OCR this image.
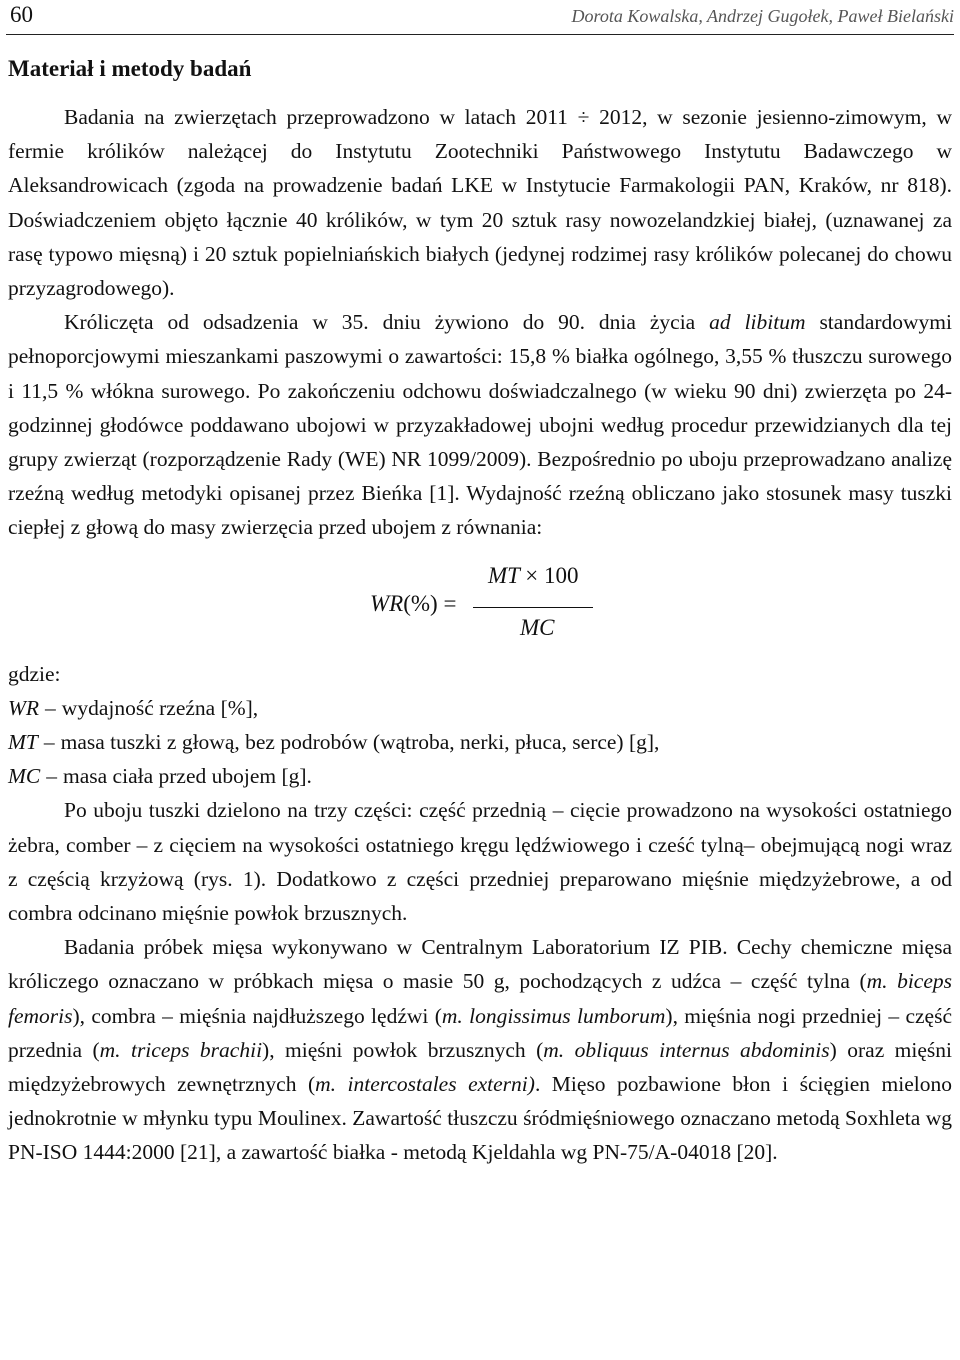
60	Dorota Kowalska, Andrzej Gugołek, Paweł Bielański
Materiał i metody badań

Badania na zwierzętach przeprowadzono w latach 2011 ÷ 2012, w sezonie jesienno-zimowym, w fermie królików należącej do Instytutu Zootechniki Państwowego Instytutu Badawczego w Aleksandrowicach (zgoda na prowadzenie badań LKE w Instytucie Farmakologii PAN, Kraków, nr 818). Doświadczeniem objęto łącznie 40 królików, w tym 20 sztuk rasy nowozelandzkiej białej, (uznawanej za rasę typowo mięsną) i 20 sztuk popielniańskich białych (jedynej rodzimej rasy królików polecanej do chowu przyzagrodowego).

Króliczęta od odsadzenia w 35. dniu żywiono do 90. dnia życia ad libitum standardowymi pełnoporcjowymi mieszankami paszowymi o zawartości: 15,8 % białka ogólnego, 3,55 % tłuszczu surowego i 11,5 % włókna surowego. Po zakończeniu odchowu doświadczalnego (w wieku 90 dni) zwierzęta po 24-godzinnej głodówce poddawano ubojowi w przyzakładowej ubojni według procedur przewidzianych dla tej grupy zwierząt (rozporządzenie Rady (WE) NR 1099/2009). Bezpośrednio po uboju przeprowadzano analizę rzeźną według metodyki opisanej przez Bieńka [1]. Wydajność rzeźną obliczano jako stosunek masy tuszki ciepłej z głową do masy zwierzęcia przed ubojem z równania:

WR(%) =
MT × 100
MC

gdzie:

WR – wydajność rzeźna [%],

MT – masa tuszki z głową, bez podrobów (wątroba, nerki, płuca, serce) [g],

MC – masa ciała przed ubojem [g].

Po uboju tuszki dzielono na trzy części: część przednią – cięcie prowadzono na wysokości ostatniego żebra, comber – z cięciem na wysokości ostatniego kręgu lędźwiowego i cześć tylną– obejmującą nogi wraz z częścią krzyżową (rys. 1). Dodatkowo z części przedniej preparowano mięśnie międzyżebrowe, a od combra odcinano mięśnie powłok brzusznych.

Badania próbek mięsa wykonywano w Centralnym Laboratorium IZ PIB. Cechy chemiczne mięsa króliczego oznaczano w próbkach mięsa o masie 50 g, pochodzących z udźca – część tylna (m. biceps femoris), combra – mięśnia najdłuższego lędźwi (m. longissimus lumborum), mięśnia nogi przedniej – część przednia (m. triceps brachii), mięśni powłok brzusznych (m. obliquus internus abdominis) oraz mięśni międzyżebrowych zewnętrznych (m. intercostales externi). Mięso pozbawione błon i ścięgien mielono jednokrotnie w młynku typu Moulinex. Zawartość tłuszczu śródmięśniowego oznaczano metodą Soxhleta wg PN-ISO 1444:2000 [21], a zawartość białka - metodą Kjeldahla wg PN-75/A-04018 [20].
